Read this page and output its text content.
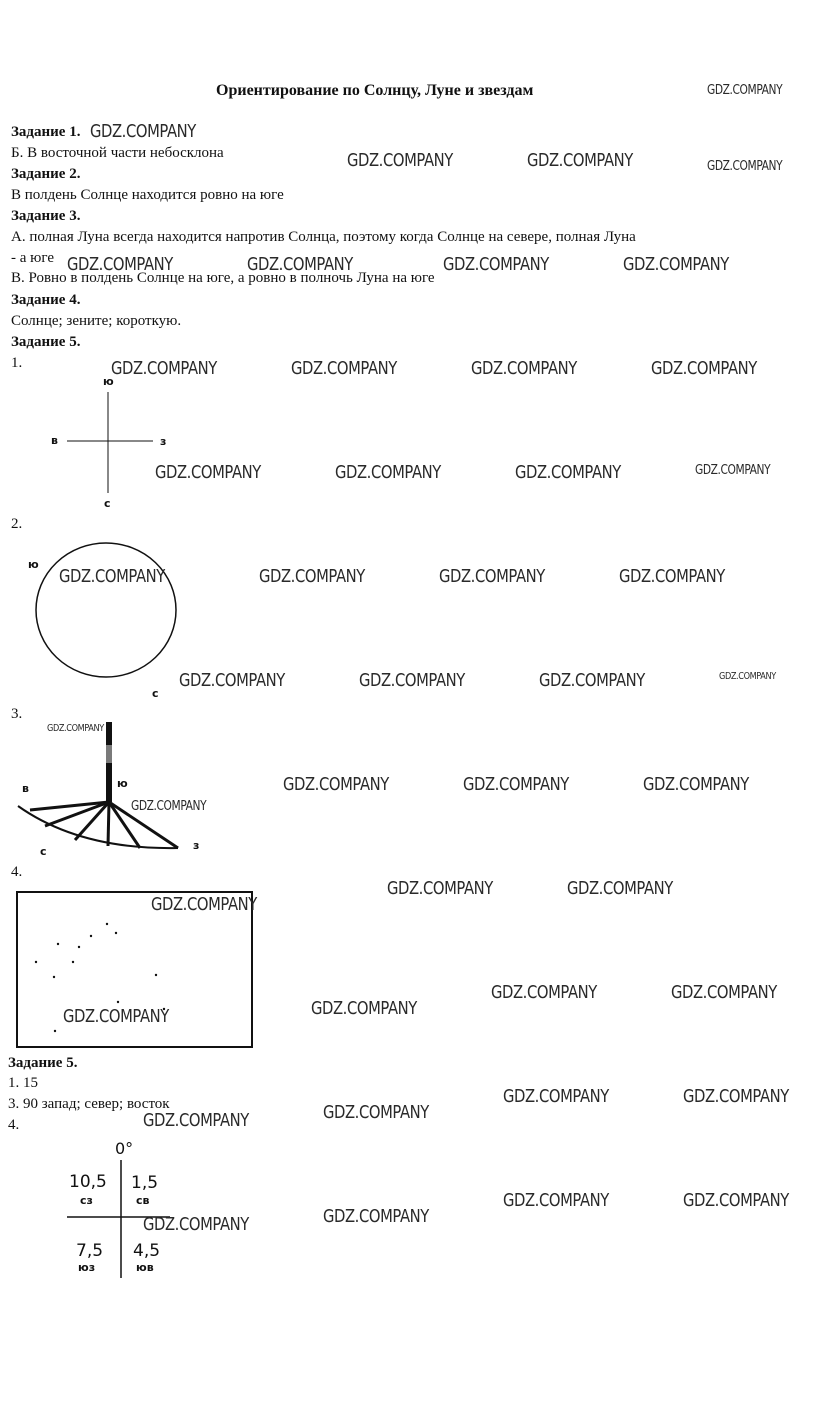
Ориентирование по Солнцу, Луне и звездам
Задание 1.
Б. В восточной части небосклона
Задание 2.
В полдень Солнце находится ровно на юге
Задание 3.
А. полная Луна всегда находится напротив Солнца, поэтому когда Солнце на севере, полная Луна
- а юге
В. Ровно в полдень Солнце на юге, а ровно в полночь Луна на юге
Задание 4.
Солнце; зените; короткую.
Задание 5.
1.
ю
в	з
с
2.
ю
с
3.
в	ю
с	з
4.
Задание 5.
1. 15
3. 90 запад; север; восток
4.
0°
10,5
сз
1,5
св
7,5
юз
4,5
юв
GDZ.COMPANY
GDZ.COMPANY
GDZ.COMPANY	GDZ.COMPANY	GDZ.COMPANY
GDZ.COMPANY	GDZ.COMPANY	GDZ.COMPANY	GDZ.COMPANY
GDZ.COMPANY	GDZ.COMPANY	GDZ.COMPANY	GDZ.COMPANY
GDZ.COMPANY	GDZ.COMPANY	GDZ.COMPANY	GDZ.COMPANY
GDZ.COMPANY	GDZ.COMPANY	GDZ.COMPANY	GDZ.COMPANY
GDZ.COMPANY	GDZ.COMPANY	GDZ.COMPANY	GDZ.COMPANY
GDZ.COMPANY
GDZ.COMPANY	GDZ.COMPANY	GDZ.COMPANY
GDZ.COMPANY
GDZ.COMPANY	GDZ.COMPANY
GDZ.COMPANY
GDZ.COMPANY	GDZ.COMPANY
GDZ.COMPANY
GDZ.COMPANY
GDZ.COMPANY	GDZ.COMPANY
GDZ.COMPANY
GDZ.COMPANY
GDZ.COMPANY	GDZ.COMPANY
GDZ.COMPANY
GDZ.COMPANY
